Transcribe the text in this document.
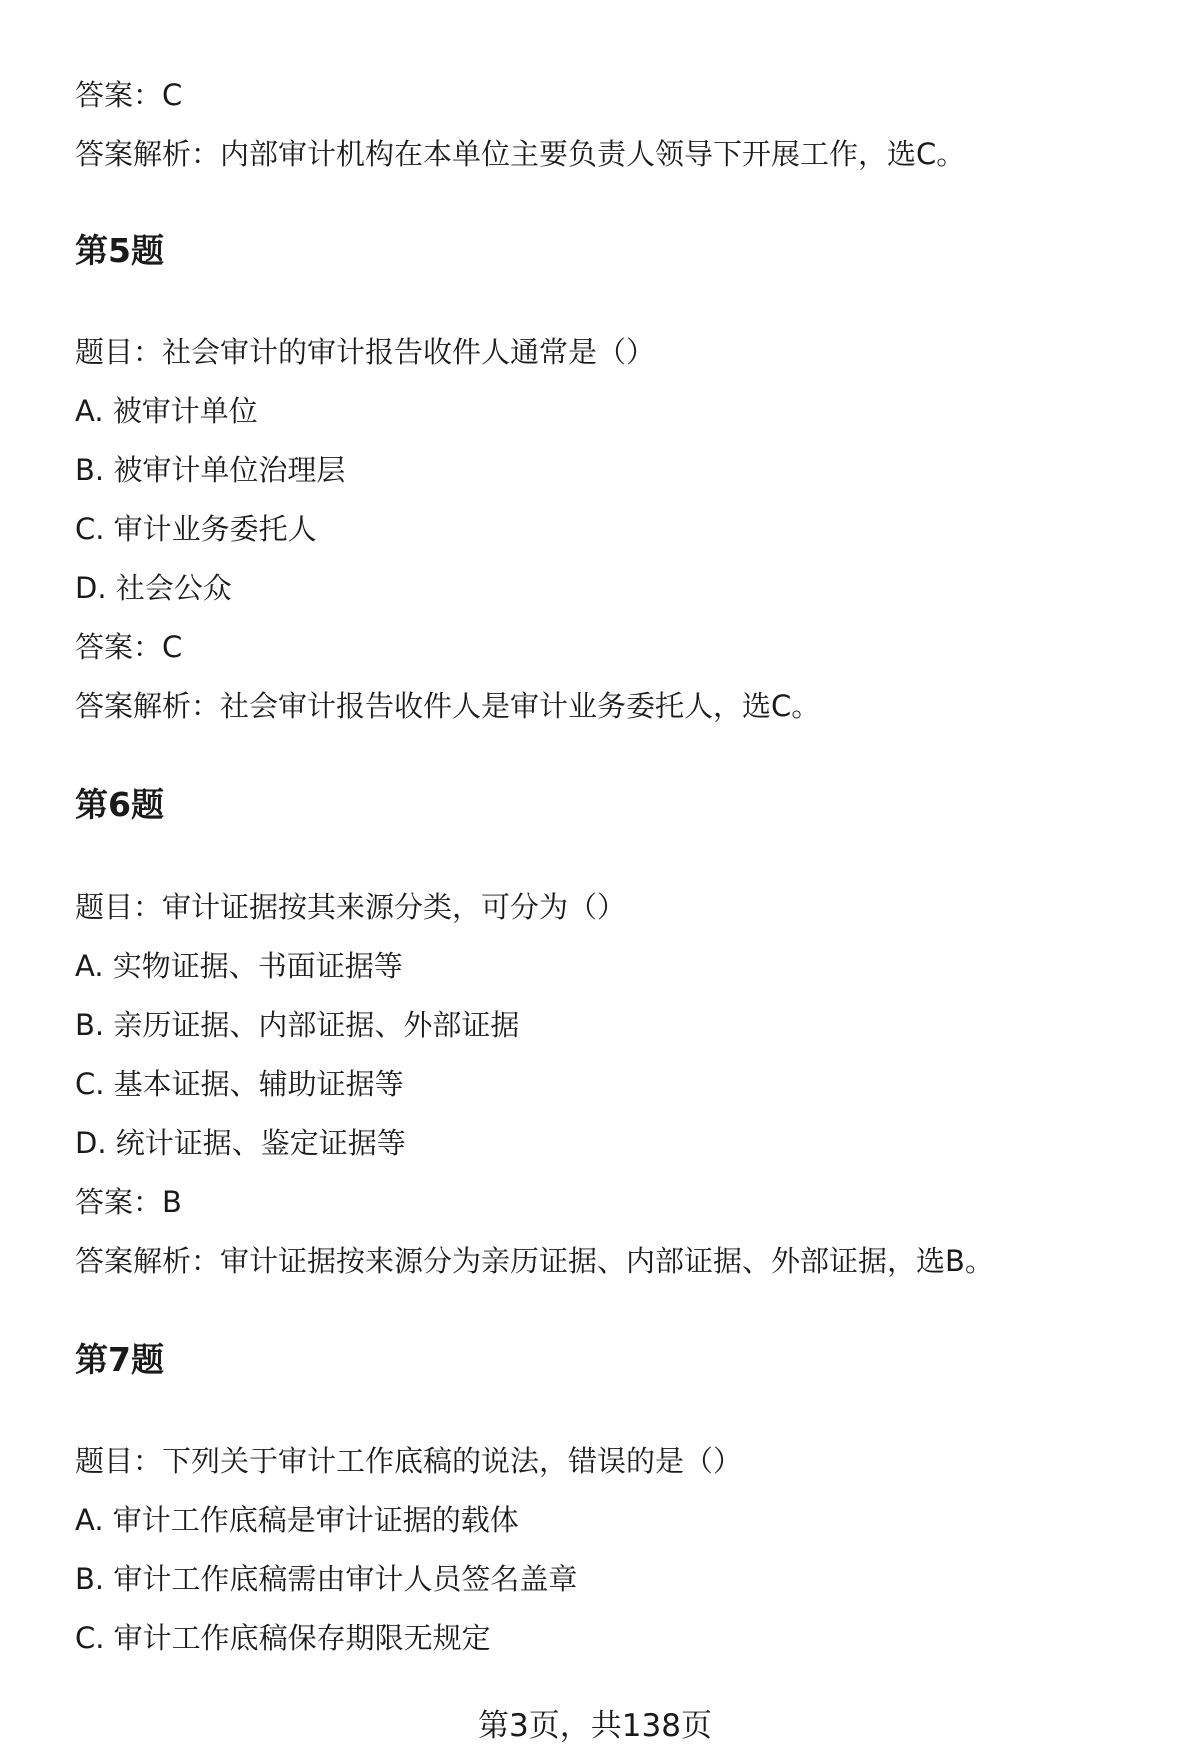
答案：C

答案解析：内部审计机构在本单位主要负责人领导下开展工作，选C。

第5题

题目：社会审计的审计报告收件人通常是（）

A. 被审计单位

B. 被审计单位治理层

C. 审计业务委托人

D. 社会公众

答案：C

答案解析：社会审计报告收件人是审计业务委托人，选C。

第6题

题目：审计证据按其来源分类，可分为（）

A. 实物证据、书面证据等

B. 亲历证据、内部证据、外部证据

C. 基本证据、辅助证据等

D. 统计证据、鉴定证据等

答案：B

答案解析：审计证据按来源分为亲历证据、内部证据、外部证据，选B。

第7题

题目：下列关于审计工作底稿的说法，错误的是（）

A. 审计工作底稿是审计证据的载体

B. 审计工作底稿需由审计人员签名盖章

C. 审计工作底稿保存期限无规定

第3页，共138页
